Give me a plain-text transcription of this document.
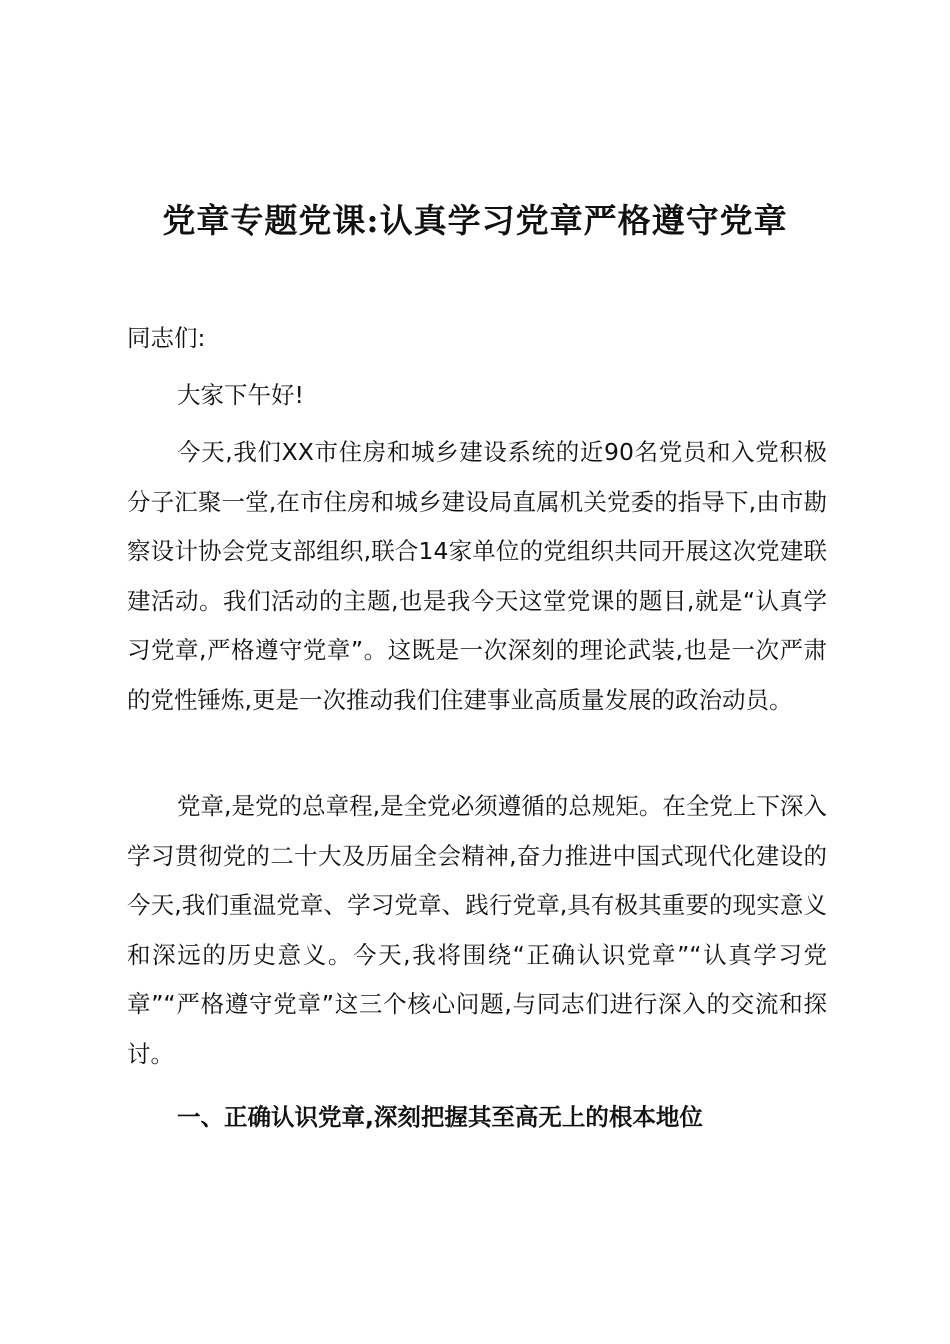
党章专题党课:认真学习党章严格遵守党章

同志们:

大家下午好!

今天,我们XX市住房和城乡建设系统的近90名党员和入党积极分子汇聚一堂,在市住房和城乡建设局直属机关党委的指导下,由市勘察设计协会党支部组织,联合14家单位的党组织共同开展这次党建联建活动。我们活动的主题,也是我今天这堂党课的题目,就是“认真学习党章,严格遵守党章”。这既是一次深刻的理论武装,也是一次严肃的党性锤炼,更是一次推动我们住建事业高质量发展的政治动员。

党章,是党的总章程,是全党必须遵循的总规矩。在全党上下深入学习贯彻党的二十大及历届全会精神,奋力推进中国式现代化建设的今天,我们重温党章、学习党章、践行党章,具有极其重要的现实意义和深远的历史意义。今天,我将围绕“正确认识党章”“认真学习党章”“严格遵守党章”这三个核心问题,与同志们进行深入的交流和探讨。

一、正确认识党章,深刻把握其至高无上的根本地位
